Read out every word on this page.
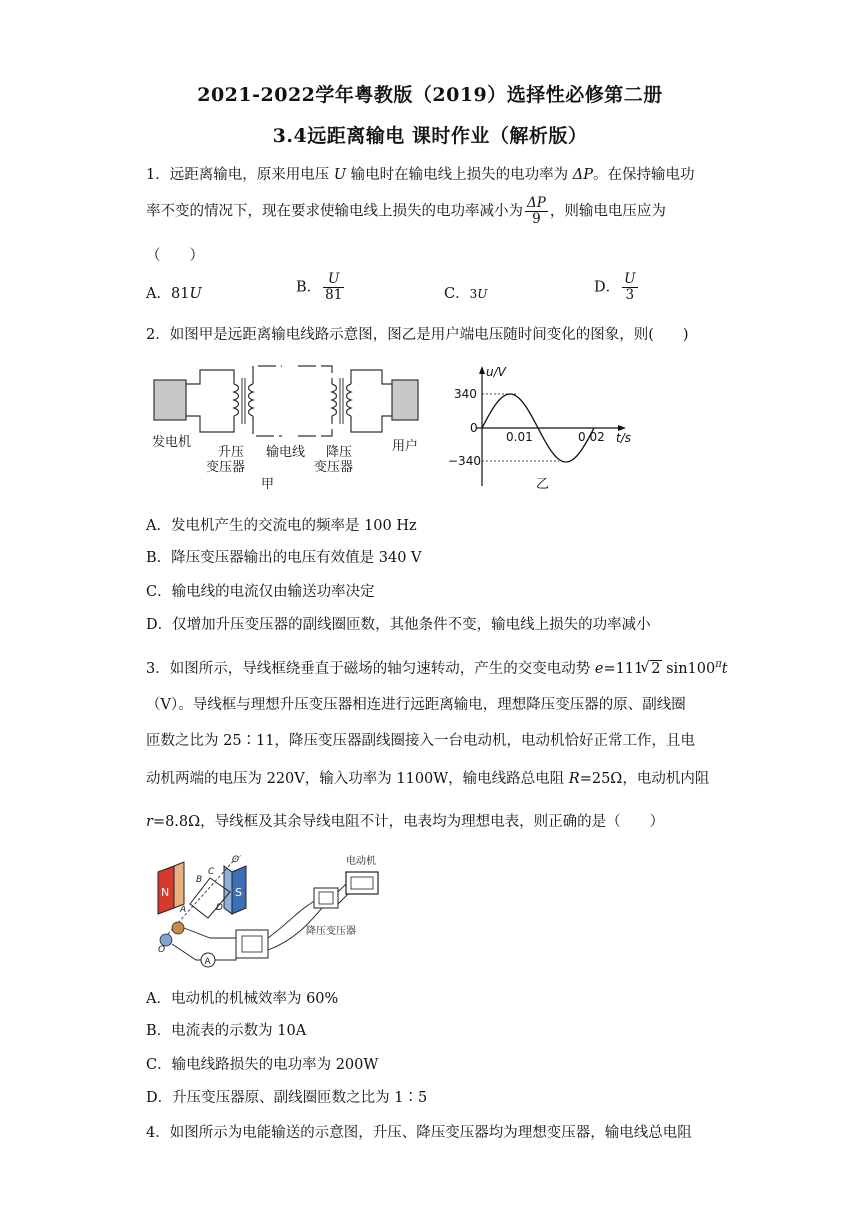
2021-2022学年粤教版（2019）选择性必修第二册
3.4远距离输电 课时作业（解析版）
1．远距离输电，原来用电压 U 输电时在输电线上损失的电功率为 ΔP。在保持输电功
率不变的情况下，现在要求使输电线上损失的电功率减小为 $\frac{\Delta P}{9}$ ，则输电电压应为
（　　）
A．81U	B． $\frac{U}{81}$	C．3U	D． $\frac{U}{3}$
2．如图甲是远距离输电线路示意图，图乙是用户端电压随时间变化的图象，则(　　)
发电机
升压
变压器
输电线 降压
变压器
用户
甲
u/V
t/s
340
0
−340
0.01	0.02
乙
A．发电机产生的交流电的频率是 100 Hz
B．降压变压器输出的电压有效值是 340 V
C．输电线的电流仅由输送功率决定
D．仅增加升压变压器的副线圈匝数，其他条件不变，输电线上损失的功率减小
3．如图所示，导线框绕垂直于磁场的轴匀速转动，产生的交变电动势 e=111√ 2 $\sin 100^\pi t$
（V）。导线框与理想升压变压器相连进行远距离输电，理想降压变压器的原、副线圈
匝数之比为 25∶11，降压变压器副线圈接入一台电动机，电动机恰好正常工作，且电
动机两端的电压为 220V，输入功率为 1100W，输电线路总电阻 R=25Ω，电动机内阻
r=8.8Ω，导线框及其余导线电阻不计，电表均为理想电表，则正确的是（　　）
N	S
A
B
C
D
O
O′
A
降压变压器
电动机
A．电动机的机械效率为 60%
B．电流表的示数为 10A
C．输电线路损失的电功率为 200W
D．升压变压器原、副线圈匝数之比为 1∶5
4．如图所示为电能输送的示意图，升压、降压变压器均为理想变压器，输电线总电阻
